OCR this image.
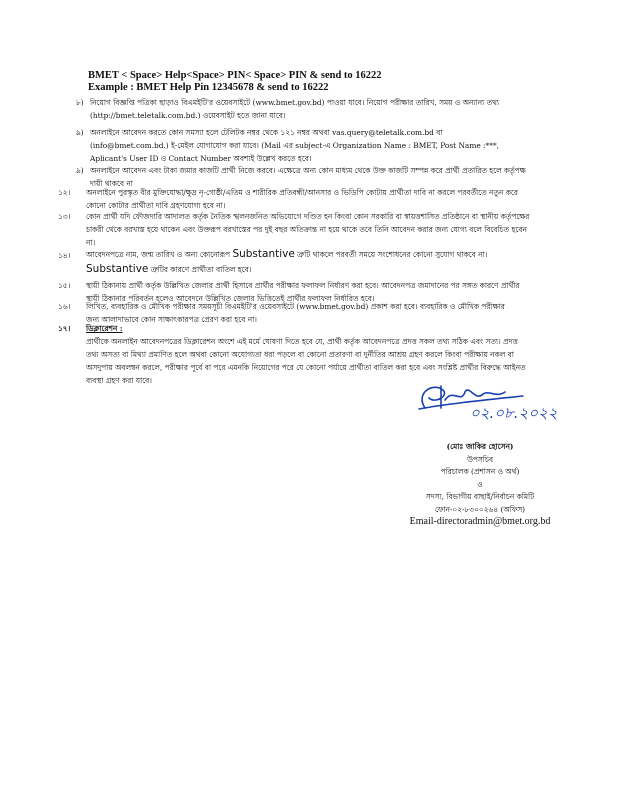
BMET < Space> Help<Space> PIN< Space> PIN & send to 16222
Example : BMET Help Pin 12345678 & send to 16222
৮) নিয়োগ বিজ্ঞপ্তি পত্রিকা ছাড়াও বিএমইটি'র ওয়েবসাইটে (www.bmet.gov.bd) পাওয়া যাবে। নিয়োগ পরীক্ষার তারিখ, সময় ও অন্যান্য তথ্য
(http://bmet.teletalk.com.bd.) ওয়েবসাইট হতে জানা যাবে।
৯) অনলাইনে আবেদন করতে কোন সমস্যা হলে টেলিটক নম্বর থেকে ১২১ নম্বর অথবা vas.query@teletalk.com.bd বা
(info@bmet.com.bd.) ই-মেইল যোগাযোগ করা যাবে। (Mail এর subject-এ Organization Name : BMET, Post Name :***,
Aplicant's User ID ও Contact Number অবশ্যই উল্লেখ করতে হবে।
৯) অনলাইনে আবেদন এবং টাকা জমার কাজটি প্রার্থী নিজে করবে। এক্ষেত্রে অন্য কোন মাধ্যম থেকে উক্ত কাজটি সম্পন্ন করে প্রার্থী প্রতারিত হলে কর্তৃপক্ষ
দায়ী থাকবে না
১২। অনলাইনে পুরস্কৃত বীর মুক্তিযোদ্ধা/ক্ষুদ্র নৃ-গোষ্ঠী/এতিম ও শারীরিক প্রতিবন্ধী/আনসার ও ভিডিপি কোটায় প্রার্থীতা দাবি না করলে পরবর্তীতে নতুন করে
কোনো কোটার প্রার্থীতা দাবি গ্রহণযোগ্য হবে না।
১৩। কোন প্রার্থী যদি ফৌজদারি আদালত কর্তৃক নৈতিক স্খলনজনিত অভিযোগে দণ্ডিত হন কিংবা কোন সরকারি বা স্বায়ত্তশাসিত প্রতিষ্ঠানে বা স্থানীয় কর্তৃপক্ষের
চাকরী থেকে বরখাস্ত হয়ে থাকেন এবং উক্তরূপ বরখাস্তের পর দুই বছর অতিক্রান্ত না হয়ে থাকে তবে তিনি আবেদন করার জন্য যোগ্য বলে বিবেচিত হবেন
না।
১৪। আবেদনপত্রে নাম, জন্ম তারিখ ও অন্য কোনোরূপ Substantive ত্রুটি থাকলে পরবর্তী সময়ে সংশোধনের কোনো সুযোগ থাকবে না।
Substantive ত্রুটির কারণে প্রার্থীতা বাতিল হবে।
১৫। স্থায়ী ঠিকানায় প্রার্থী কর্তৃক উল্লিখিত জেলার প্রার্থী হিসাবে প্রার্থীর পরীক্ষার ফলাফল নির্ধারণ করা হবে। আবেদনপত্র জমাদানের পর সঙ্গত কারণে প্রার্থীর
স্থায়ী ঠিকানার পরিবর্তন হলেও আবেদনে উল্লিখিত জেলার ভিত্তিতেই প্রার্থীর ফলাফল নির্ধারিত হবে।
১৬। লিখিত, ব্যবহারিক ও মৌখিক পরীক্ষার সময়সূচী বিএমইটি'র ওয়েবসাইটে (www.bmet.gov.bd) প্রকাশ করা হবে। ব্যবহারিক ও মৌখিক পরীক্ষার
জন্য আলাদাভাবে কোন সাক্ষাৎকারপত্র প্রেরণ করা হবে না।
১৭। ডিক্লারেশন :
প্রার্থীকে অনলাইন আবেদনপত্রের ডিক্লারেশন অংশে এই মর্মে ঘোষণা দিতে হবে যে, প্রার্থী কর্তৃক আবেদনপত্রে প্রদত্ত সকল তথ্য সঠিক এবং সত্য। প্রদত্ত
তথ্য অসত্য বা মিথ্যা প্রমাণিত হলে অথবা কোনো অযোগ্যতা ধরা পড়লে বা কোনো প্রতারণা বা দুর্নীতির আশ্রয় গ্রহণ করলে কিংবা পরীক্ষায় নকল বা
অসদুপায় অবলম্বন করলে, পরীক্ষার পূর্বে বা পরে এমনকি নিয়োগের পরে যে কোনো পর্যায়ে প্রার্থীতা বাতিল করা হবে এবং সংশ্লিষ্ট প্রার্থীর বিরুদ্ধে আইনত
ব্যবস্থা গ্রহণ করা যাবে।
০২.০৮.২০২২
(মোঃ জাকির হোসেন)
উপসচিব
পরিচালক (প্রশাসন ও অর্থ)
ও
সদস্য, বিভাগীয় বাছাই/নির্বাচন কমিটি
ফোন-০২-৮৩০০২৬৪ (অফিস)
Email-directoradmin@bmet.org.bd
